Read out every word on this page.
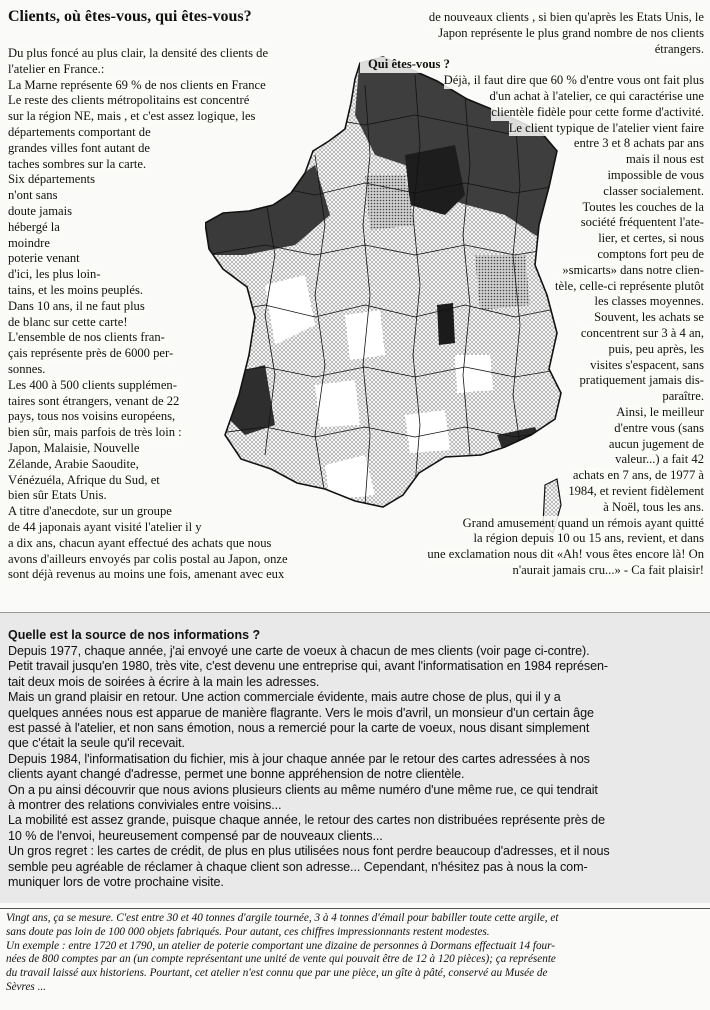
Clients, où êtes-vous, qui êtes-vous?

Du plus foncé au plus clair, la densité des clients de

l'atelier en France.:

La Marne représente 69 % de nos clients en France

Le reste des clients métropolitains est concentré

sur la région NE, mais , et c'est assez logique, les

départements comportant de

grandes villes font autant de

taches sombres sur la carte.

Six départements

n'ont sans

doute jamais

hébergé la

moindre

poterie venant

d'ici, les plus loin-

tains, et les moins peuplés.

Dans 10 ans, il ne faut plus

de blanc sur cette carte!

L'ensemble de nos clients fran-

çais représente près de 6000 per-

sonnes.

Les 400 à 500 clients supplémen-

taires sont étrangers, venant de 22

pays, tous nos voisins européens,

bien sûr, mais parfois de très loin :

Japon, Malaisie, Nouvelle

Zélande, Arabie Saoudite,

Vénézuéla, Afrique du Sud, et

bien sûr Etats Unis.

A titre d'anecdote, sur un groupe

de 44 japonais ayant visité l'atelier il y

a dix ans, chacun ayant effectué des achats que nous

avons d'ailleurs envoyés par colis postal au Japon, onze

sont déjà revenus au moins une fois, amenant avec eux

de nouveaux clients , si bien qu'après les Etats Unis, le

Japon représente le plus grand nombre de nos clients

étrangers.

Qui êtes-vous ?

Déjà, il faut dire que 60 % d'entre vous ont fait plus

d'un achat à l'atelier, ce qui caractérise une

clientèle fidèle pour cette forme d'activité.

Le client typique de l'atelier vient faire

entre 3 et 8 achats par ans

mais il nous est

impossible de vous

classer socialement.

Toutes les couches de la

société fréquentent l'ate-

lier, et certes, si nous

comptons fort peu de

»smicarts» dans notre clien-

tèle, celle-ci représente plutôt

les classes moyennes.

Souvent, les achats se

concentrent sur 3 à 4 an,

puis, peu après, les

visites s'espacent, sans

pratiquement jamais dis-

paraître.

Ainsi, le meilleur

d'entre vous (sans

aucun jugement de

valeur...) a fait 42

achats en 7 ans, de 1977 à

1984, et revient fidèlement

à Noël, tous les ans.

Grand amusement quand un rémois ayant quitté

la région depuis 10 ou 15 ans, revient, et dans

une exclamation nous dit «Ah! vous êtes encore là! On

n'aurait jamais cru...» - Ca fait plaisir!

Quelle est la source de nos informations ?

Depuis 1977, chaque année, j'ai envoyé une carte de voeux à chacun de mes clients (voir page ci-contre).

Petit travail jusqu'en 1980, très vite, c'est devenu une entreprise qui, avant l'informatisation en 1984 représen-

tait deux mois de soirées à écrire à la main les adresses.

Mais un grand plaisir en retour. Une action commerciale évidente, mais autre chose de plus, qui il y a

quelques années nous est apparue de manière flagrante. Vers le mois d'avril, un monsieur d'un certain âge

est passé à l'atelier, et non sans émotion, nous a remercié pour la carte de voeux, nous disant simplement

que c'était la seule qu'il recevait.

Depuis 1984, l'informatisation du fichier, mis à jour chaque année par le retour des cartes adressées à nos

clients ayant changé d'adresse, permet une bonne appréhension de notre clientèle.

On a pu ainsi découvrir que nous avions plusieurs clients au même numéro d'une même rue, ce qui tendrait

à montrer des relations conviviales entre voisins...

La mobilité est assez grande, puisque chaque année, le retour des cartes non distribuées représente près de

10 % de l'envoi, heureusement compensé par de nouveaux clients...

Un gros regret : les cartes de crédit, de plus en plus utilisées nous font perdre beaucoup d'adresses, et il nous

semble peu agréable de réclamer à chaque client son adresse... Cependant, n'hésitez pas à nous la com-

muniquer lors de votre prochaine visite.

Vingt ans, ça se mesure. C'est entre 30 et 40 tonnes d'argile tournée, 3 à 4 tonnes d'émail pour babiller toute cette argile, et

sans doute pas loin de 100 000 objets fabriqués. Pour autant, ces chiffres impressionnants restent modestes.

Un exemple : entre 1720 et 1790, un atelier de poterie comportant une dizaine de personnes à Dormans effectuait 14 four-

nées de 800 comptes par an (un compte représentant une unité de vente qui pouvait être de 12 à 120 pièces); ça représente

du travail laissé aux historiens. Pourtant, cet atelier n'est connu que par une pièce, un gîte à pâté, conservé au Musée de

Sèvres ...
